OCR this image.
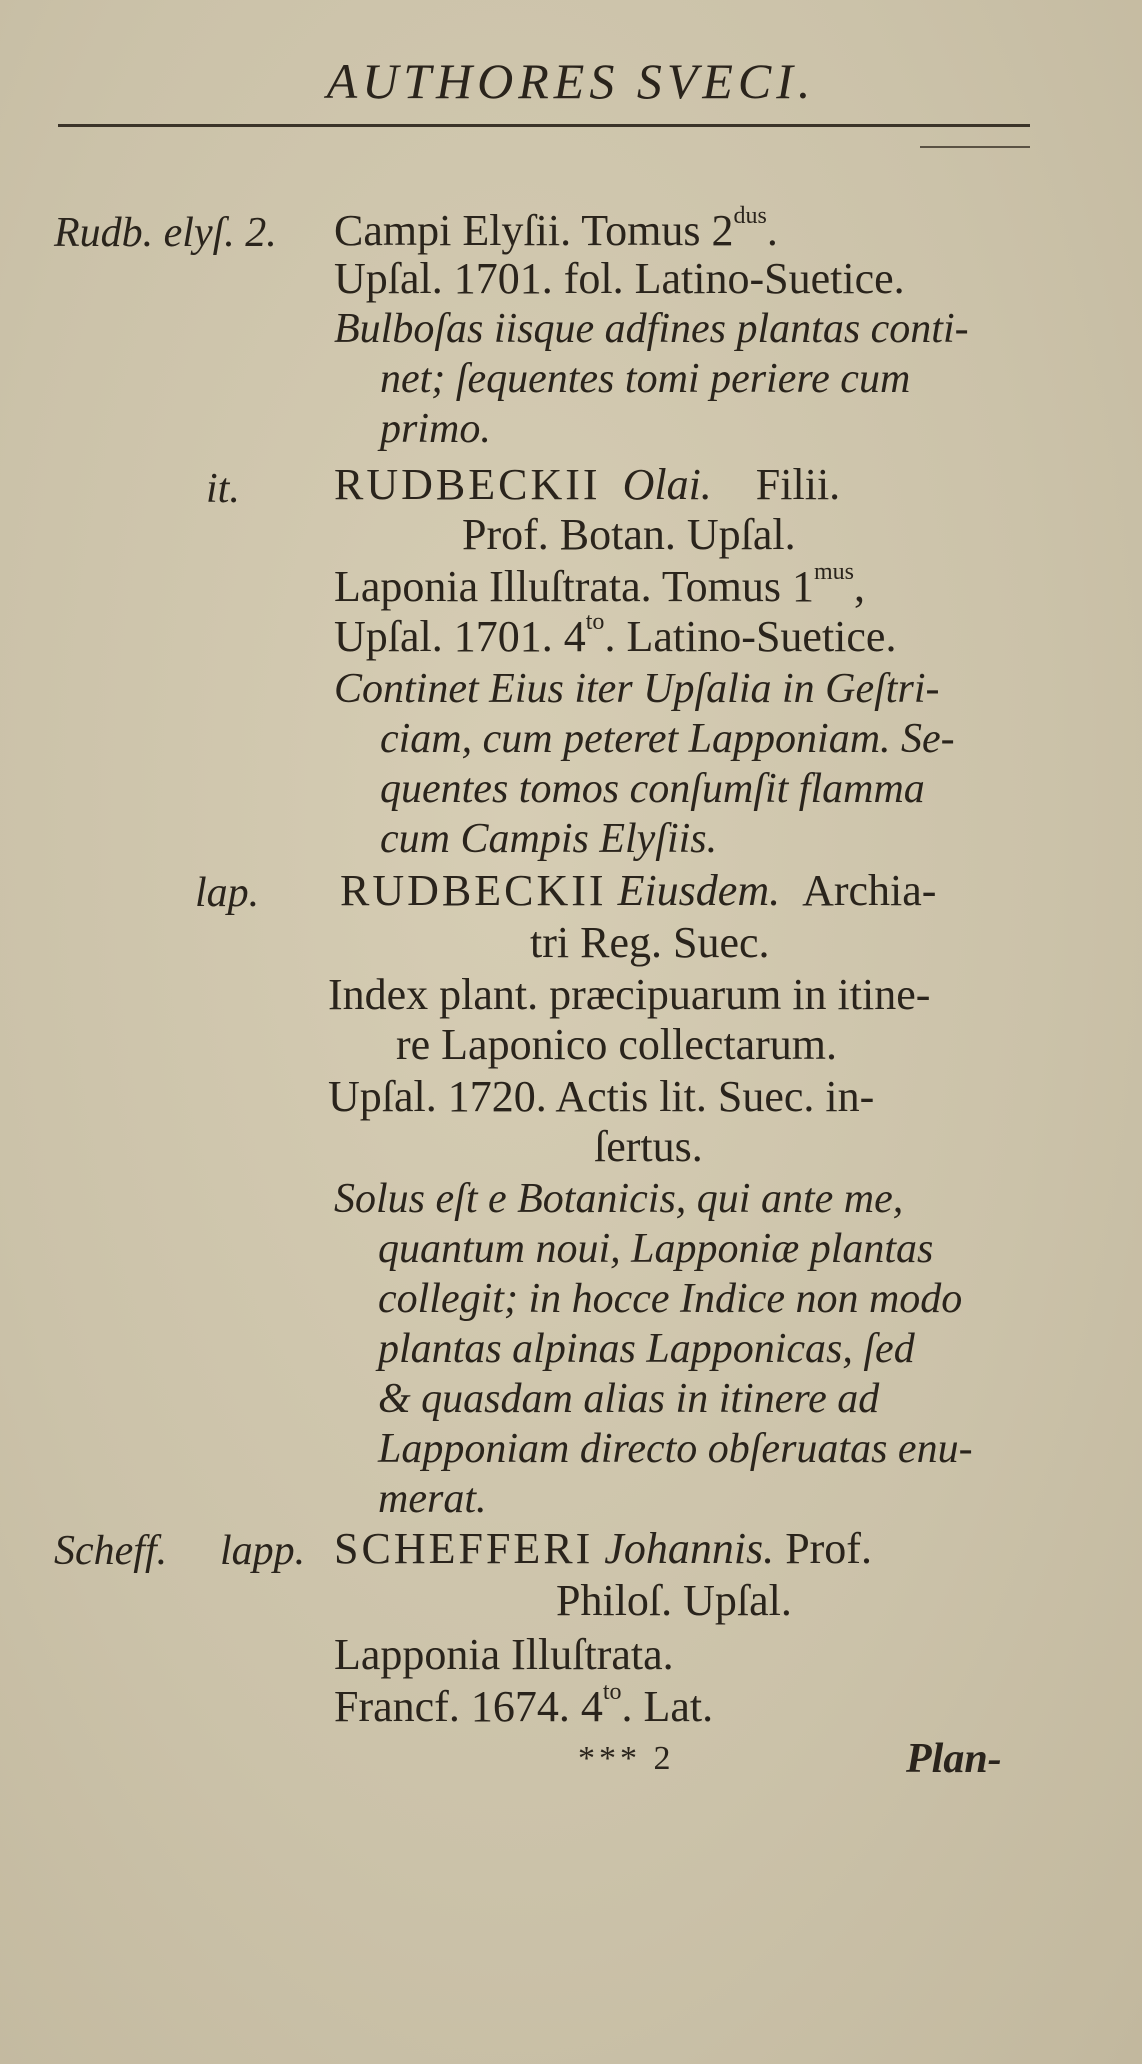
AUTHORES SVECI.
Rudb. elyſ. 2.
it.
lap.
Scheff. lapp.
Campi Elyſii. Tomus $2^{dus}$.
Upſal. 1701. fol. Latino-Suetice.
Bulboſas iisque adfines plantas conti-
net; ſequentes tomi periere cum
primo.
RUDBECKII Olai. Filii.
Prof. Botan. Upſal.
Laponia Illuſtrata. Tomus $1^{mus}$,
Upſal. 1701. $4^{to}$. Latino-Suetice.
Continet Eius iter Upſalia in Geſtri-
ciam, cum peteret Lapponiam. Se-
quentes tomos conſumſit flamma
cum Campis Elyſiis.
RUDBECKII Eiusdem. Archia-
tri Reg. Suec.
Index plant. præcipuarum in itine-
re Laponico collectarum.
Upſal. 1720. Actis lit. Suec. in-
ſertus.
Solus eſt e Botanicis, qui ante me,
quantum noui, Lapponiæ plantas
collegit; in hocce Indice non modo
plantas alpinas Lapponicas, ſed
& quasdam alias in itinere ad
Lapponiam directo obſeruatas enu-
merat.
SCHEFFERI Johannis. Prof.
Philoſ. Upſal.
Lapponia Illuſtrata.
Francf. 1674. $4^{to}$. Lat.
*** 2	Plan-
